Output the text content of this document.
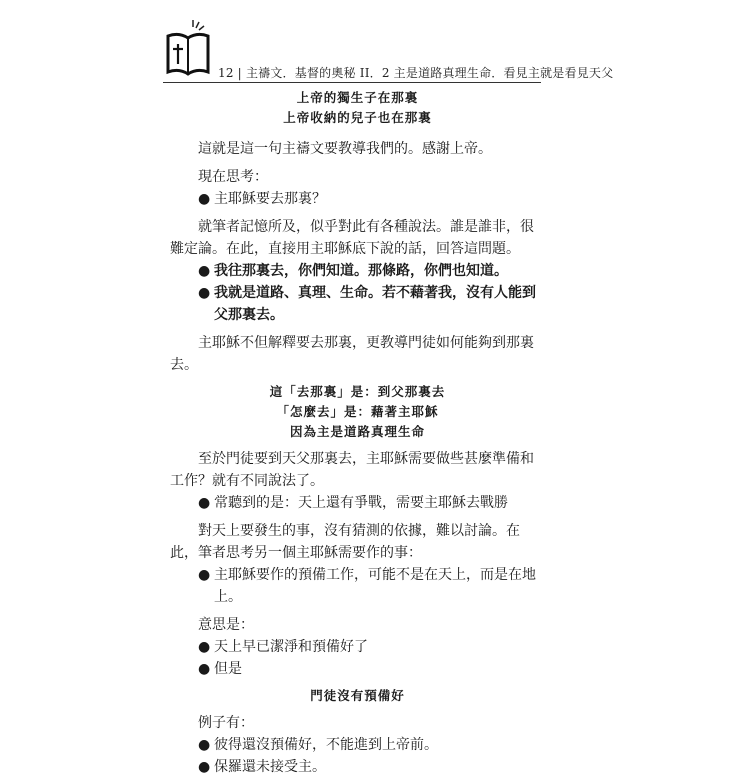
12 | 主禱文．基督的奧秘 II．2 主是道路真理生命．看見主就是看見天父

上帝的獨生子在那裏

上帝收納的兒子也在那裏

這就是這一句主禱文要教導我們的。感謝上帝。

現在思考：

● 主耶穌要去那裏？

就筆者記憶所及，似乎對此有各種說法。誰是誰非，很難定論。在此，直接用主耶穌底下說的話，回答這問題。

● 我往那裏去，你們知道。那條路，你們也知道。

● 我就是道路、真理、生命。若不藉著我，沒有人能到父那裏去。

主耶穌不但解釋要去那裏，更教導門徒如何能夠到那裏去。

這「去那裏」是：到父那裏去

「怎麼去」是：藉著主耶穌

因為主是道路真理生命

至於門徒要到天父那裏去，主耶穌需要做些甚麼準備和工作？就有不同說法了。

● 常聽到的是：天上還有爭戰，需要主耶穌去戰勝

對天上要發生的事，沒有猜測的依據，難以討論。在此，筆者思考另一個主耶穌需要作的事：

● 主耶穌要作的預備工作，可能不是在天上，而是在地上。

意思是：

● 天上早已潔淨和預備好了

● 但是

門徒沒有預備好

例子有：

● 彼得還沒預備好，不能進到上帝前。

● 保羅還未接受主。
